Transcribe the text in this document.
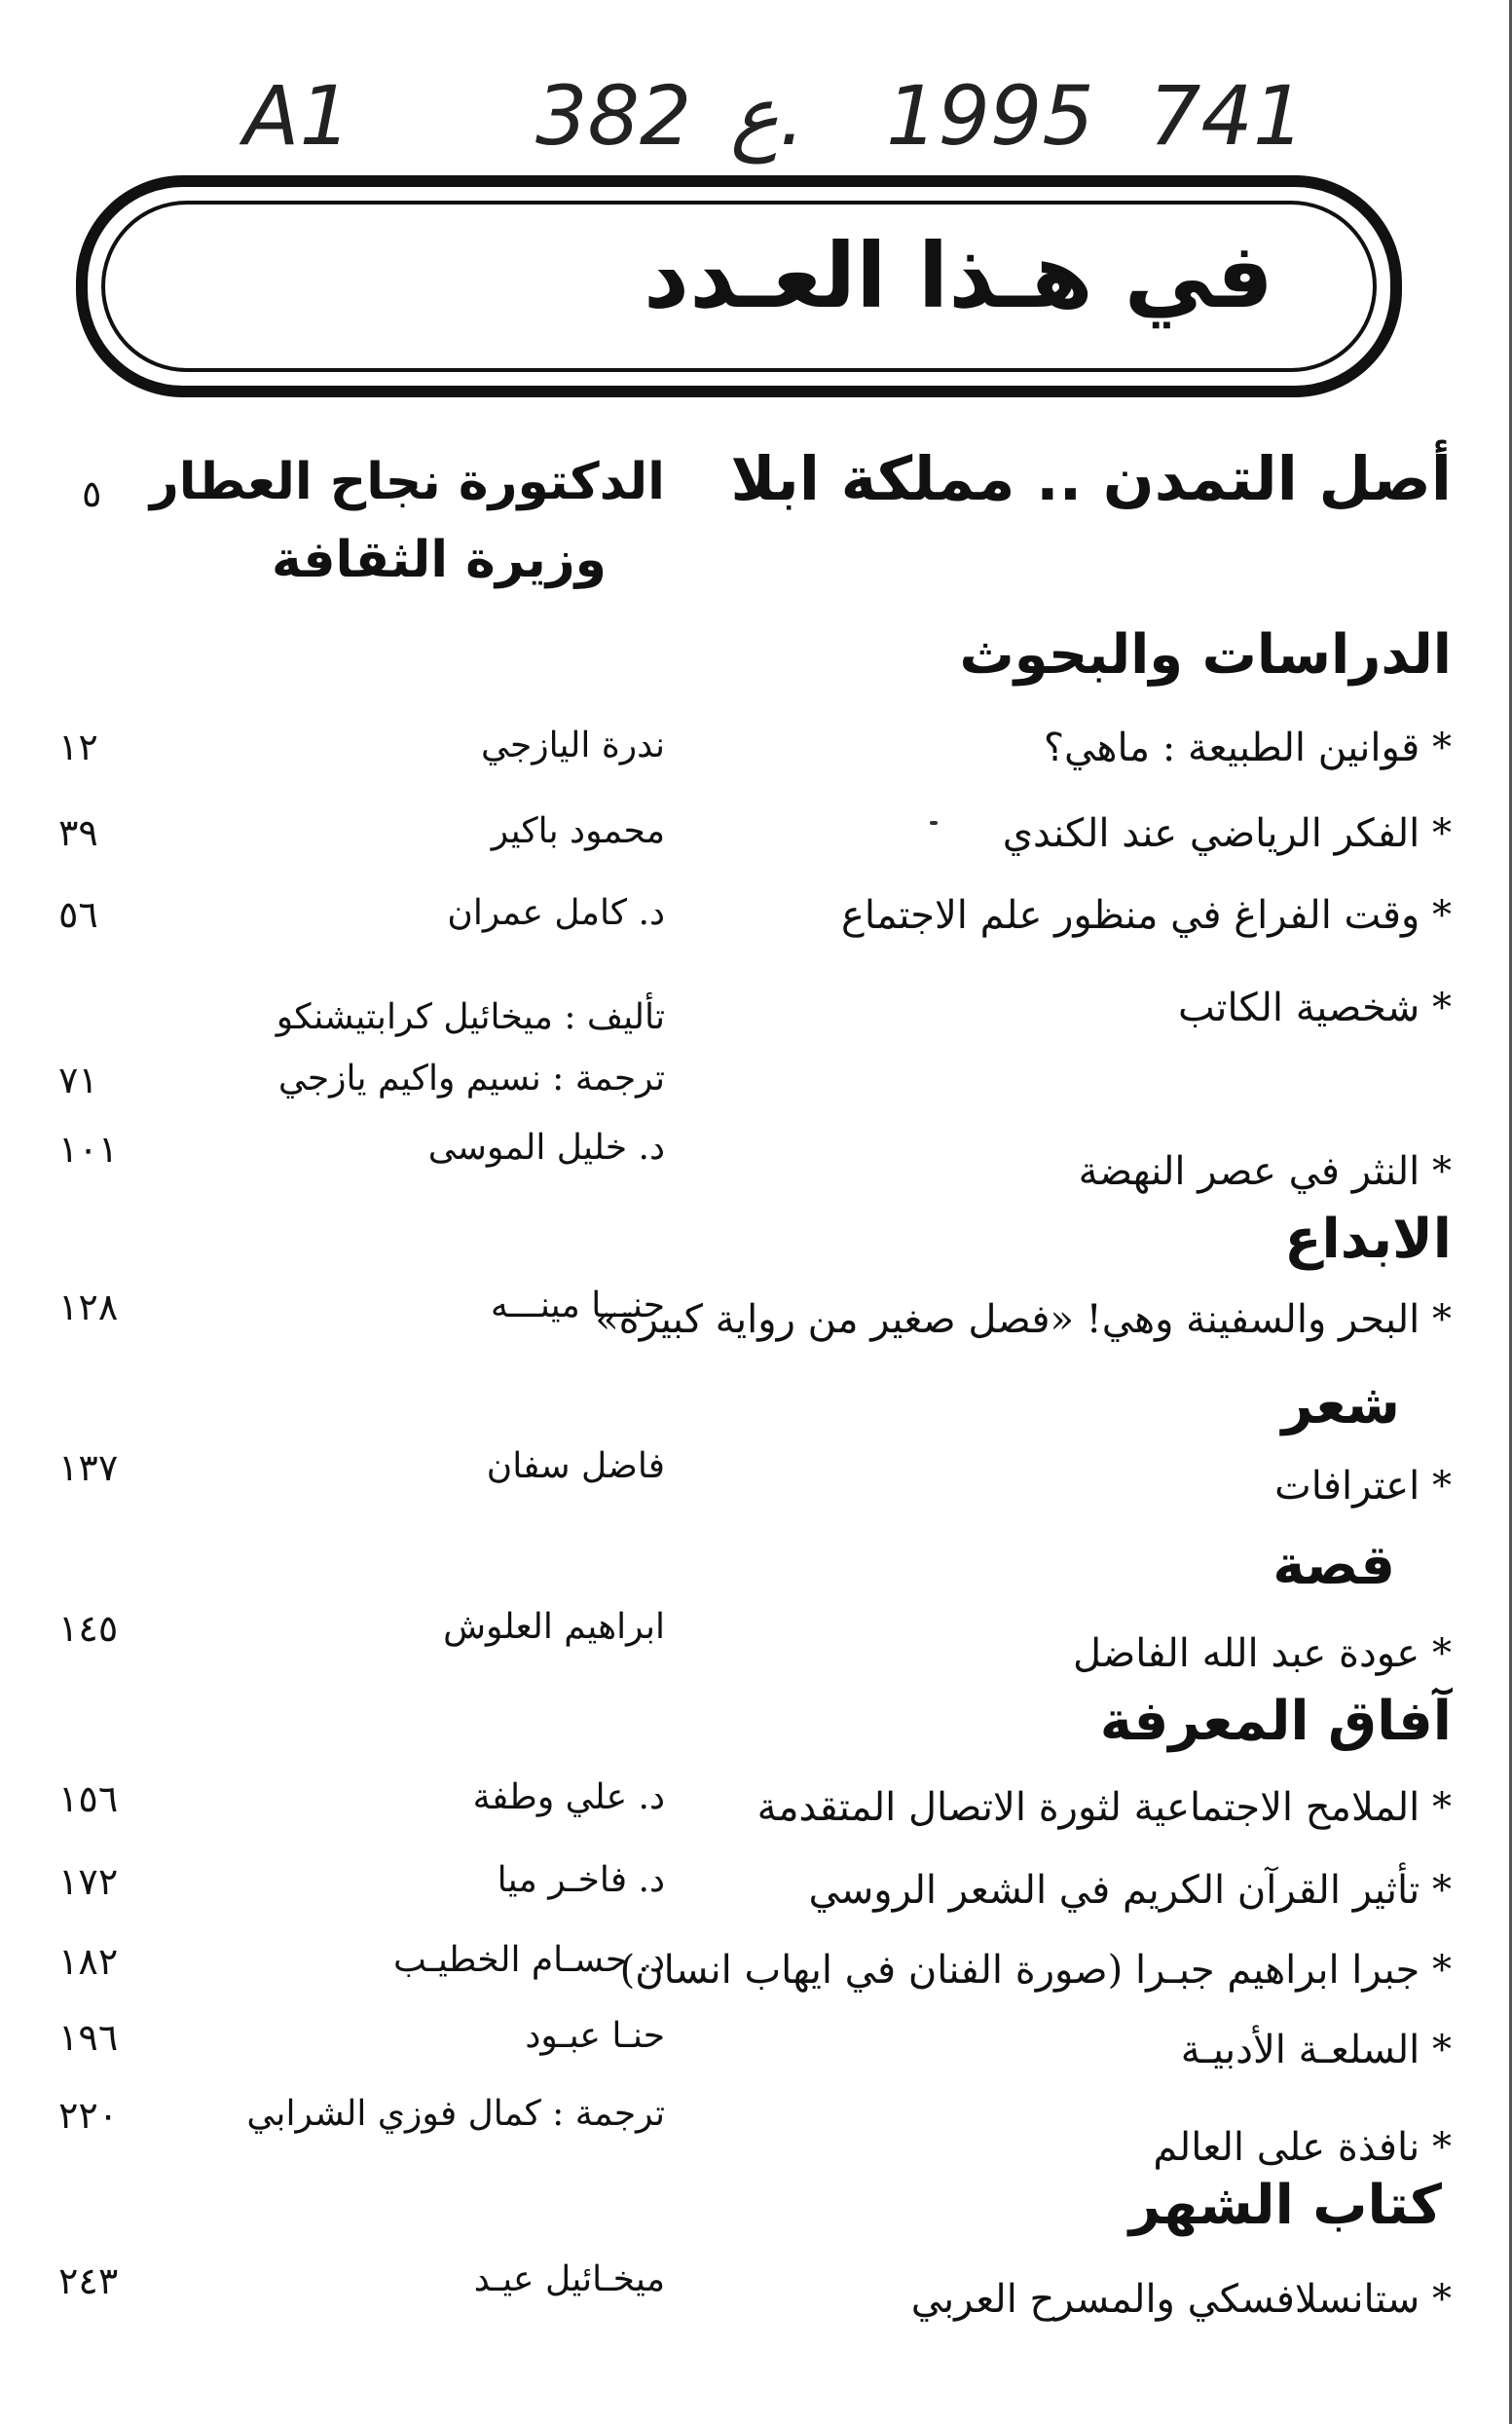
A1 382 ع. 1995 741
في هـذا العـدد
أصل التمدن .. مملكة ابلا
الدكتورة نجاح العطار
وزيرة الثقافة
٥
الدراسات والبحوث
* قوانين الطبيعة : ماهي؟
ندرة اليازجي
١٢
* الفكر الرياضي عند الكندي
محمود باكير
٣٩
* وقت الفراغ في منظور علم الاجتماع
د. كامل عمران
٥٦
* شخصية الكاتب
تأليف : ميخائيل كرابتيشنكو
ترجمة : نسيم واكيم يازجي
٧١
* النثر في عصر النهضة
د. خليل الموسى
١٠١
الابداع
* البحر والسفينة وهي! «فصل صغير من رواية كبيرة»
حنـــا مينـــه
١٢٨
شعر
* اعترافات
فاضل سفان
١٣٧
قصة
* عودة عبد الله الفاضل
ابراهيم العلوش
١٤٥
آفاق المعرفة
* الملامح الاجتماعية لثورة الاتصال المتقدمة
د. علي وطفة
١٥٦
* تأثير القرآن الكريم في الشعر الروسي
د. فاخـر ميا
١٧٢
* جبرا ابراهيم جبـرا (صورة الفنان في ايهاب انسان)
د. حسـام الخطيـب
١٨٢
* السلعـة الأدبيـة
حنـا عبـود
١٩٦
* نافذة على العالم
ترجمة : كمال فوزي الشرابي
٢٢٠
كتاب الشهر
* ستانسلافسكي والمسرح العربي
ميخـائيل عيـد
٢٤٣
